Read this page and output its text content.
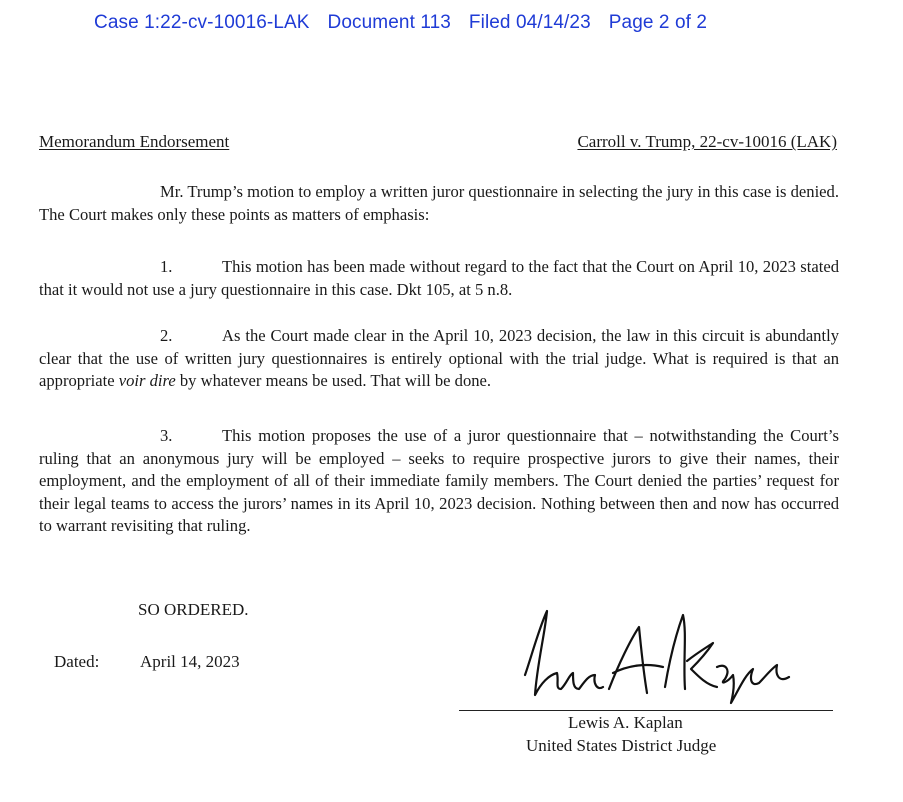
Case 1:22-cv-10016-LAK Document 113 Filed 04/14/23 Page 2 of 2
Memorandum Endorsement	Carroll v. Trump, 22-cv-10016 (LAK)
Mr. Trump’s motion to employ a written juror questionnaire in selecting the jury in this case is denied. The Court makes only these points as matters of emphasis:
1.	This motion has been made without regard to the fact that the Court on April 10, 2023 stated that it would not use a jury questionnaire in this case. Dkt 105, at 5 n.8.
2.	As the Court made clear in the April 10, 2023 decision, the law in this circuit is abundantly clear that the use of written jury questionnaires is entirely optional with the trial judge. What is required is that an appropriate voir dire by whatever means be used. That will be done.
3.	This motion proposes the use of a juror questionnaire that – notwithstanding the Court’s ruling that an anonymous jury will be employed – seeks to require prospective jurors to give their names, their employment, and the employment of all of their immediate family members. The Court denied the parties’ request for their legal teams to access the jurors’ names in its April 10, 2023 decision. Nothing between then and now has occurred to warrant revisiting that ruling.
SO ORDERED.
Dated: April 14, 2023
Lewis A. Kaplan
United States District Judge
